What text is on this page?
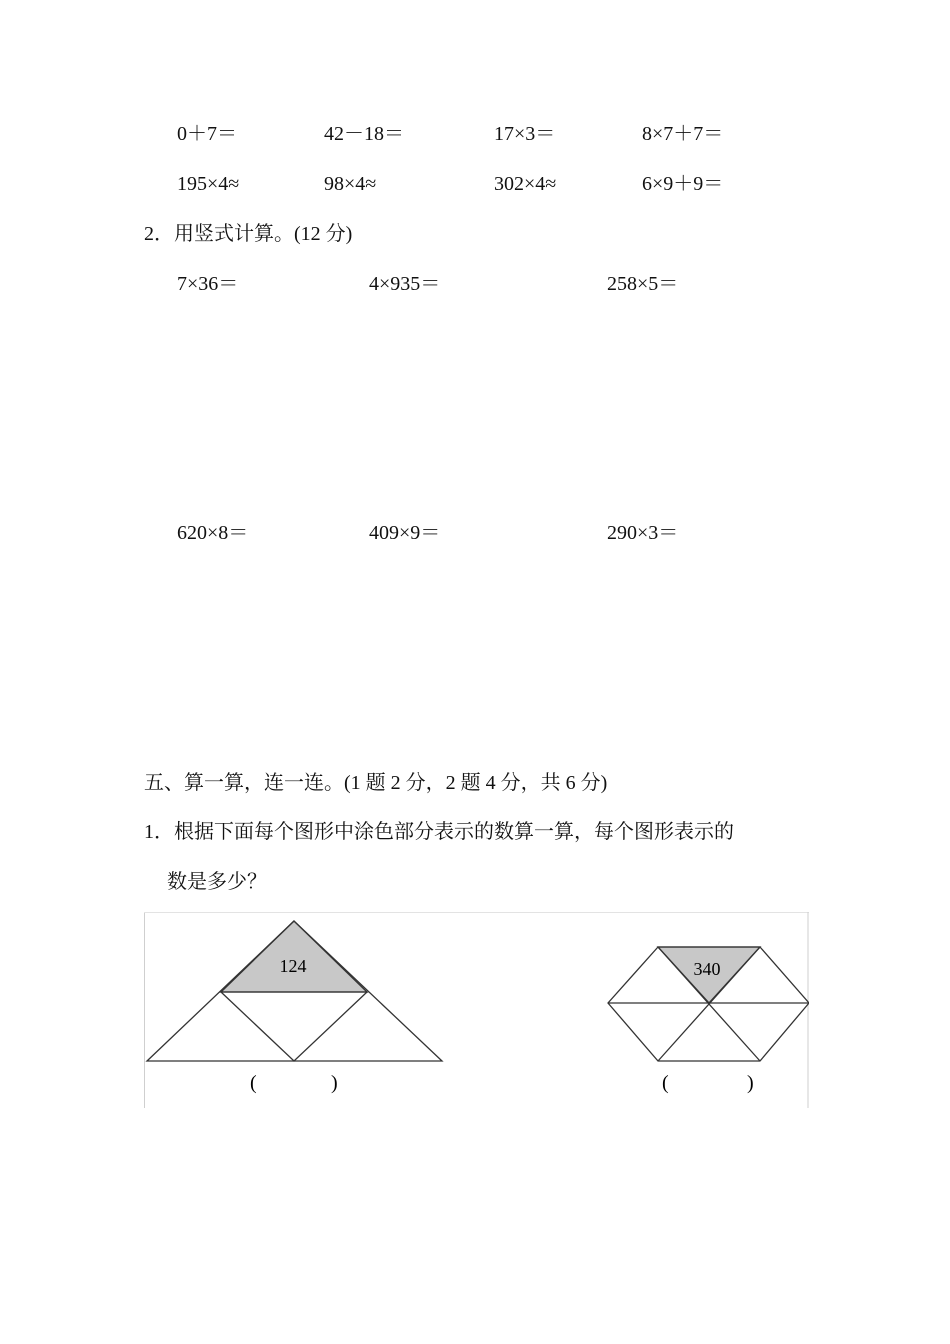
0＋7＝	42－18＝	17×3＝	8×7＋7＝
195×4≈	98×4≈	302×4≈	6×9＋9＝
2．用竖式计算。(12 分)
7×36＝	4×935＝	258×5＝
620×8＝	409×9＝	290×3＝
五、算一算，连一连。(1 题 2 分，2 题 4 分，共 6 分)
1．根据下面每个图形中涂色部分表示的数算一算，每个图形表示的
数是多少？
124
(	)
340
(	)
